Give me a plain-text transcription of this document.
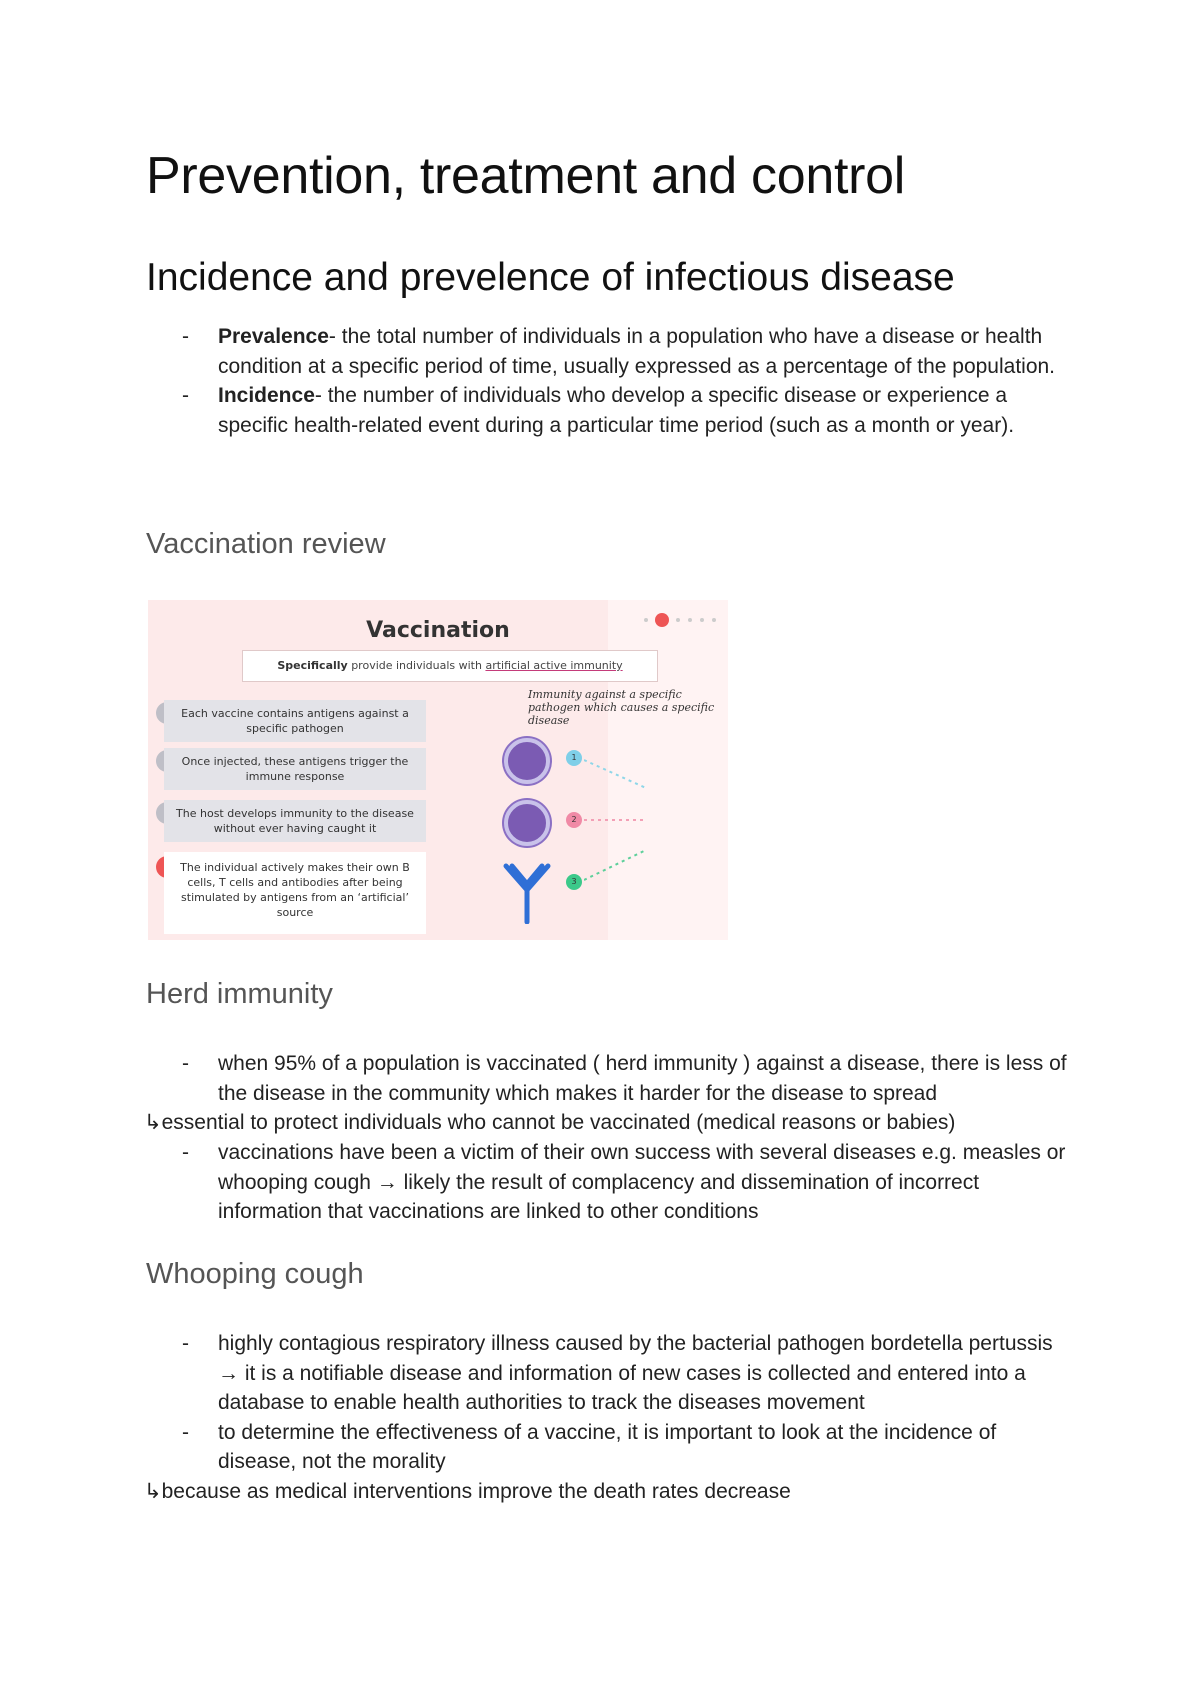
Prevention, treatment and control
Incidence and prevelence of infectious disease
- Prevalence- the total number of individuals in a population who have a disease or health condition at a specific period of time, usually expressed as a percentage of the population.
- Incidence- the number of individuals who develop a specific disease or experience a specific health-related event during a particular time period (such as a month or year).
Vaccination review
Vaccination
Specifically provide individuals with artificial active immunity
Immunity against a specific pathogen which causes a specific disease
Each vaccine contains antigens against a specific pathogen
Once injected, these antigens trigger the immune response
The host develops immunity to the disease without ever having caught it
The individual actively makes their own B cells, T cells and antibodies after being stimulated by antigens from an ‘artificial’ source
1
2
3
Herd immunity
- when 95% of a population is vaccinated ( herd immunity ) against a disease, there is less of the disease in the community which makes it harder for the disease to spread
↳essential to protect individuals who cannot be vaccinated (medical reasons or babies)
- vaccinations have been a victim of their own success with several diseases e.g. measles or whooping cough → likely the result of complacency and dissemination of incorrect information that vaccinations are linked to other conditions
Whooping cough
- highly contagious respiratory illness caused by the bacterial pathogen bordetella pertussis → it is a notifiable disease and information of new cases is collected and entered into a database to enable health authorities to track the diseases movement
- to determine the effectiveness of a vaccine, it is important to look at the incidence of disease, not the morality
↳because as medical interventions improve the death rates decrease
